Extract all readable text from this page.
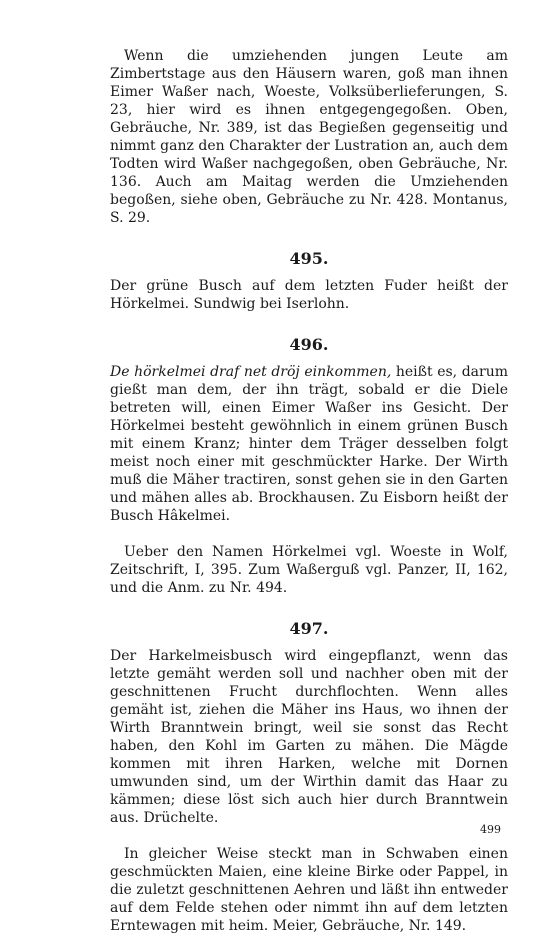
Wenn die umziehenden jungen Leute am Zimbertstage aus den Häusern waren, goß man ihnen Eimer Waßer nach, Woeste, Volksüberlieferungen, S. 23, hier wird es ihnen entgegengegoßen. Oben, Gebräuche, Nr. 389, ist das Begießen gegenseitig und nimmt ganz den Charakter der Lustration an, auch dem Todten wird Waßer nachgegoßen, oben Gebräuche, Nr. 136. Auch am Maitag werden die Umziehenden begoßen, siehe oben, Gebräuche zu Nr. 428. Montanus, S. 29.

495.

Der grüne Busch auf dem letzten Fuder heißt der Hörkelmei. Sundwig bei Iserlohn.

496.

De hörkelmei draf net dröj einkommen, heißt es, darum gießt man dem, der ihn trägt, sobald er die Diele betreten will, einen Eimer Waßer ins Gesicht. Der Hörkelmei besteht gewöhnlich in einem grünen Busch mit einem Kranz; hinter dem Träger desselben folgt meist noch einer mit geschmückter Harke. Der Wirth muß die Mäher tractiren, sonst gehen sie in den Garten und mähen alles ab. Brockhausen. Zu Eisborn heißt der Busch Hâkelmei.

Ueber den Namen Hörkelmei vgl. Woeste in Wolf, Zeitschrift, I, 395. Zum Waßerguß vgl. Panzer, II, 162, und die Anm. zu Nr. 494.

497.

Der Harkelmeisbusch wird eingepflanzt, wenn das letzte gemäht werden soll und nachher oben mit der geschnittenen Frucht durchflochten. Wenn alles gemäht ist, ziehen die Mäher ins Haus, wo ihnen der Wirth Branntwein bringt, weil sie sonst das Recht haben, den Kohl im Garten zu mähen. Die Mägde kommen mit ihren Harken, welche mit Dornen umwunden sind, um der Wirthin damit das Haar zu kämmen; diese löst sich auch hier durch Branntwein aus. Drüchelte.

In gleicher Weise steckt man in Schwaben einen geschmückten Maien, eine kleine Birke oder Pappel, in die zuletzt geschnittenen Aehren und läßt ihn entweder auf dem Felde stehen oder nimmt ihn auf dem letzten Erntewagen mit heim. Meier, Gebräuche, Nr. 149.

499
